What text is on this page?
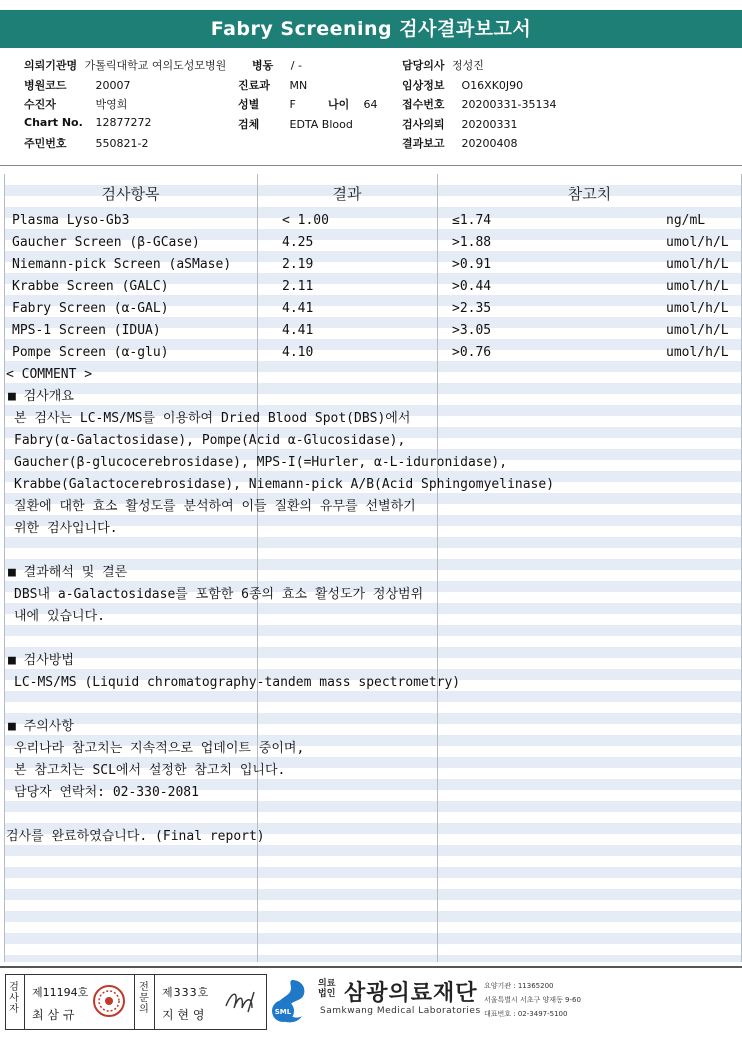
Fabry Screening 검사결과보고서
의뢰기관명 가톨릭대학교 여의도성모병원 병동 / -	담당의사 정성진
병원코드	20007	진료과 MN	임상정보 O16XK0J90
수진자	박영희	성별	F	나이 64 접수번호 20200331-35134
Chart No. 12877272	검체	EDTA Blood	검사의뢰 20200331
주민번호	550821-2	결과보고 20200408
검사항목	결과	참고치
Plasma Lyso-Gb3	< 1.00	≤1.74	ng/mL
Gaucher Screen (β-GCase)	4.25	>1.88	umol/h/L
Niemann-pick Screen (aSMase)	2.19	>0.91	umol/h/L
Krabbe Screen (GALC)	2.11	>0.44	umol/h/L
Fabry Screen (α-GAL)	4.41	>2.35	umol/h/L
MPS-1 Screen (IDUA)	4.41	>3.05	umol/h/L
Pompe Screen (α-glu)	4.10	>0.76	umol/h/L
< COMMENT >
■ 검사개요
본 검사는 LC-MS/MS를 이용하여 Dried Blood Spot(DBS)에서
Fabry(α-Galactosidase), Pompe(Acid α-Glucosidase),
Gaucher(β-glucocerebrosidase), MPS-I(=Hurler, α-L-iduronidase),
Krabbe(Galactocerebrosidase), Niemann-pick A/B(Acid Sphingomyelinase)
질환에 대한 효소 활성도를 분석하여 이들 질환의 유무를 선별하기
위한 검사입니다.
■ 결과해석 및 결론
DBS내 a-Galactosidase를 포함한 6종의 효소 활성도가 정상범위
내에 있습니다.
■ 검사방법
LC-MS/MS (Liquid chromatography-tandem mass spectrometry)
■ 주의사항
우리나라 참고치는 지속적으로 업데이트 중이며,
본 참고치는 SCL에서 설정한 참고치 입니다.
담당자 연락처: 02-330-2081
검사를 완료하였습니다. (Final report)
검사자
제11194호
최 삼 규
전문의
제333호
지 현 영	SML
의료
법인 삼광의료재단
Samkwang Medical Laboratories
요양기관 : 11365200
서울특별시 서초구 양재동 9-60
대표번호 : 02-3497-5100
